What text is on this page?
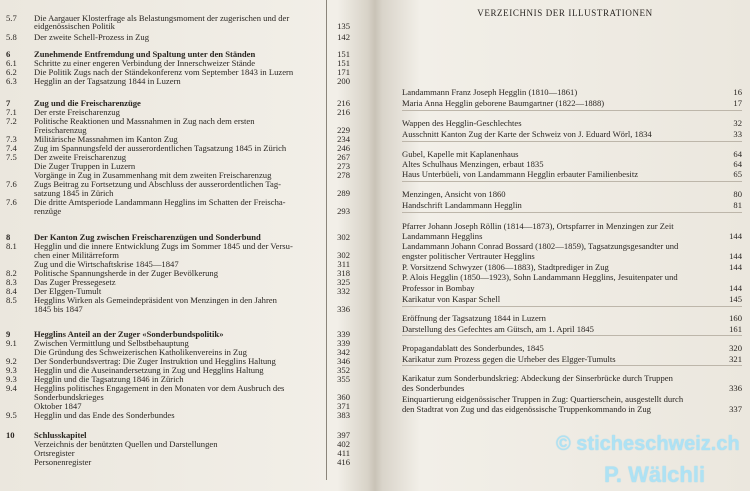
5.7 Die Aargauer Klosterfrage als Belastungsmoment der zugerischen und der
eidgenössischen Politik	135
5.8 Der zweite Schell-Prozess in Zug	142
6	Zunehmende Entfremdung und Spaltung unter den Ständen	151
6.1 Schritte zu einer engeren Verbindung der Innerschweizer Stände	151
6.2 Die Politik Zugs nach der Ständekonferenz vom September 1843 in Luzern	171
6.3 Hegglin an der Tagsatzung 1844 in Luzern	200
7	Zug und die Freischarenzüge	216
7.1 Der erste Freischarenzug	216
7.2 Politische Reaktionen und Massnahmen in Zug nach dem ersten
Freischarenzug	229
7.3 Militärische Massnahmen im Kanton Zug	234
7.4 Zug im Spannungsfeld der ausserordentlichen Tagsatzung 1845 in Zürich	246
7.5 Der zweite Freischarenzug	267
Die Zuger Truppen in Luzern	273
Vorgänge in Zug in Zusammenhang mit dem zweiten Freischarenzug	278
7.6 Zugs Beitrag zu Fortsetzung und Abschluss der ausserordentlichen Tag-
satzung 1845 in Zürich	289
7.6 Die dritte Amtsperiode Landammann Hegglins im Schatten der Freischa-
renzüge	293
8	Der Kanton Zug zwischen Freischarenzügen und Sonderbund	302
8.1 Hegglin und die innere Entwicklung Zugs im Sommer 1845 und der Versu-
chen einer Militärreform	302
Zug und die Wirtschaftskrise 1845—1847	311
8.2 Politische Spannungsherde in der Zuger Bevölkerung	318
8.3 Das Zuger Pressegesetz	325
8.4 Der Elggen-Tumult	332
8.5 Hegglins Wirken als Gemeindepräsident von Menzingen in den Jahren
1845 bis 1847	336
9	Hegglins Anteil an der Zuger «Sonderbundspolitik»	339
9.1 Zwischen Vermittlung und Selbstbehauptung	339
Die Gründung des Schweizerischen Katholikenvereins in Zug	342
9.2 Der Sonderbundsvertrag: Die Zuger Instruktion und Hegglins Haltung	346
9.3 Hegglin und die Auseinandersetzung in Zug und Hegglins Haltung	352
9.3 Hegglin und die Tagsatzung 1846 in Zürich	355
9.4 Hegglins politisches Engagement in den Monaten vor dem Ausbruch des
Sonderbundskrieges	360
Oktober 1847	371
9.5 Hegglin und das Ende des Sonderbundes	383
10 Schlusskapitel	397
Verzeichnis der benützten Quellen und Darstellungen	402
Ortsregister	411
Personenregister	416
VERZEICHNIS DER ILLUSTRATIONEN
Landammann Franz Joseph Hegglin (1810—1861)	16
Maria Anna Hegglin geborene Baumgartner (1822—1888)	17
Wappen des Hegglin-Geschlechtes	32
Ausschnitt Kanton Zug der Karte der Schweiz von J. Eduard Wörl, 1834	33
Gubel, Kapelle mit Kaplanenhaus	64
Altes Schulhaus Menzingen, erbaut 1835	64
Haus Unterbüeli, von Landammann Hegglin erbauter Familienbesitz	65
Menzingen, Ansicht von 1860	80
Handschrift Landammann Hegglin	81
Pfarrer Johann Joseph Röllin (1814—1873), Ortspfarrer in Menzingen zur Zeit
Landammann Hegglins	144
Landammann Johann Conrad Bossard (1802—1859), Tagsatzungsgesandter und
engster politischer Vertrauter Hegglins	144
P. Vorsitzend Schwyzer (1806—1883), Stadtprediger in Zug	144
P. Alois Hegglin (1850—1923), Sohn Landammann Hegglins, Jesuitenpater und
Professor in Bombay	144
Karikatur von Kaspar Schell	145
Eröffnung der Tagsatzung 1844 in Luzern	160
Darstellung des Gefechtes am Gütsch, am 1. April 1845	161
Propagandablatt des Sonderbundes, 1845	320
Karikatur zum Prozess gegen die Urheber des Elgger-Tumults	321
Karikatur zum Sonderbundskrieg: Abdeckung der Sinserbrücke durch Truppen
des Sonderbundes	336
Einquartierung eidgenössischer Truppen in Zug: Quartierschein, ausgestellt durch
den Stadtrat von Zug und das eidgenössische Truppenkommando in Zug	337
© sticheschweiz.ch
P. Wälchli
